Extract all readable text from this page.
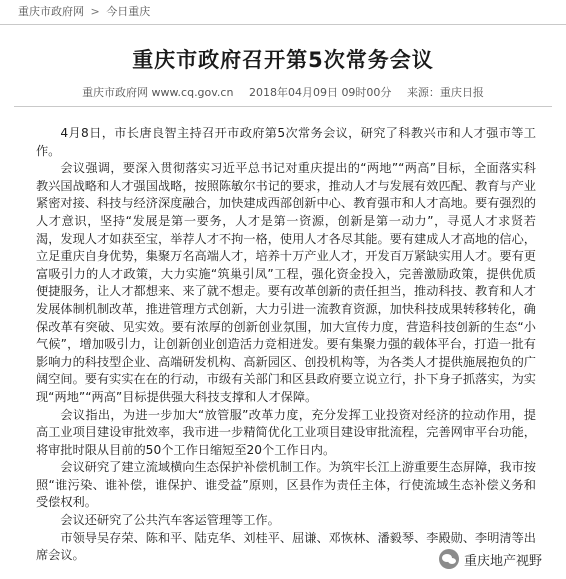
重庆市政府网 > 今日重庆
重庆市政府召开第5次常务会议
重庆市政府网 www.cq.gov.cn 2018年04月09日 09时00分 来源：重庆日报

4月8日，市长唐良智主持召开市政府第5次常务会议，研究了科教兴市和人才强市等工作。

会议强调，要深入贯彻落实习近平总书记对重庆提出的“两地”“两高”目标，全面落实科教兴国战略和人才强国战略，按照陈敏尔书记的要求，推动人才与发展有效匹配、教育与产业紧密对接、科技与经济深度融合，加快建成西部创新中心、教育强市和人才高地。要有强烈的人才意识，坚持“发展是第一要务，人才是第一资源，创新是第一动力”，寻觅人才求贤若渴，发现人才如获至宝，举荐人才不拘一格，使用人才各尽其能。要有建成人才高地的信心，立足重庆自身优势，集聚万名高端人才，培养十万产业人才，开发百万紧缺实用人才。要有更富吸引力的人才政策，大力实施“筑巢引凤”工程，强化资金投入，完善激励政策，提供优质便捷服务，让人才都想来、来了就不想走。要有改革创新的责任担当，推动科技、教育和人才发展体制机制改革，推进管理方式创新，大力引进一流教育资源，加快科技成果转移转化，确保改革有突破、见实效。要有浓厚的创新创业氛围，加大宣传力度，营造科技创新的生态“小气候”，增加吸引力，让创新创业创造活力竞相迸发。要有集聚力强的载体平台，打造一批有影响力的科技型企业、高端研发机构、高新园区、创投机构等，为各类人才提供施展抱负的广阔空间。要有实实在在的行动，市级有关部门和区县政府要立说立行，扑下身子抓落实，为实现“两地”“两高”目标提供强大科技支撑和人才保障。

会议指出，为进一步加大“放管服”改革力度，充分发挥工业投资对经济的拉动作用，提高工业项目建设审批效率，我市进一步精简优化工业项目建设审批流程，完善网审平台功能，将审批时限从目前的50个工作日缩短至20个工作日内。

会议研究了建立流域横向生态保护补偿机制工作。为筑牢长江上游重要生态屏障，我市按照“谁污染、谁补偿，谁保护、谁受益”原则，区县作为责任主体，行使流域生态补偿义务和受偿权利。

会议还研究了公共汽车客运管理等工作。

市领导吴存荣、陈和平、陆克华、刘桂平、屈谦、邓恢林、潘毅琴、李殿勋、李明清等出席会议。	重庆地产视野
